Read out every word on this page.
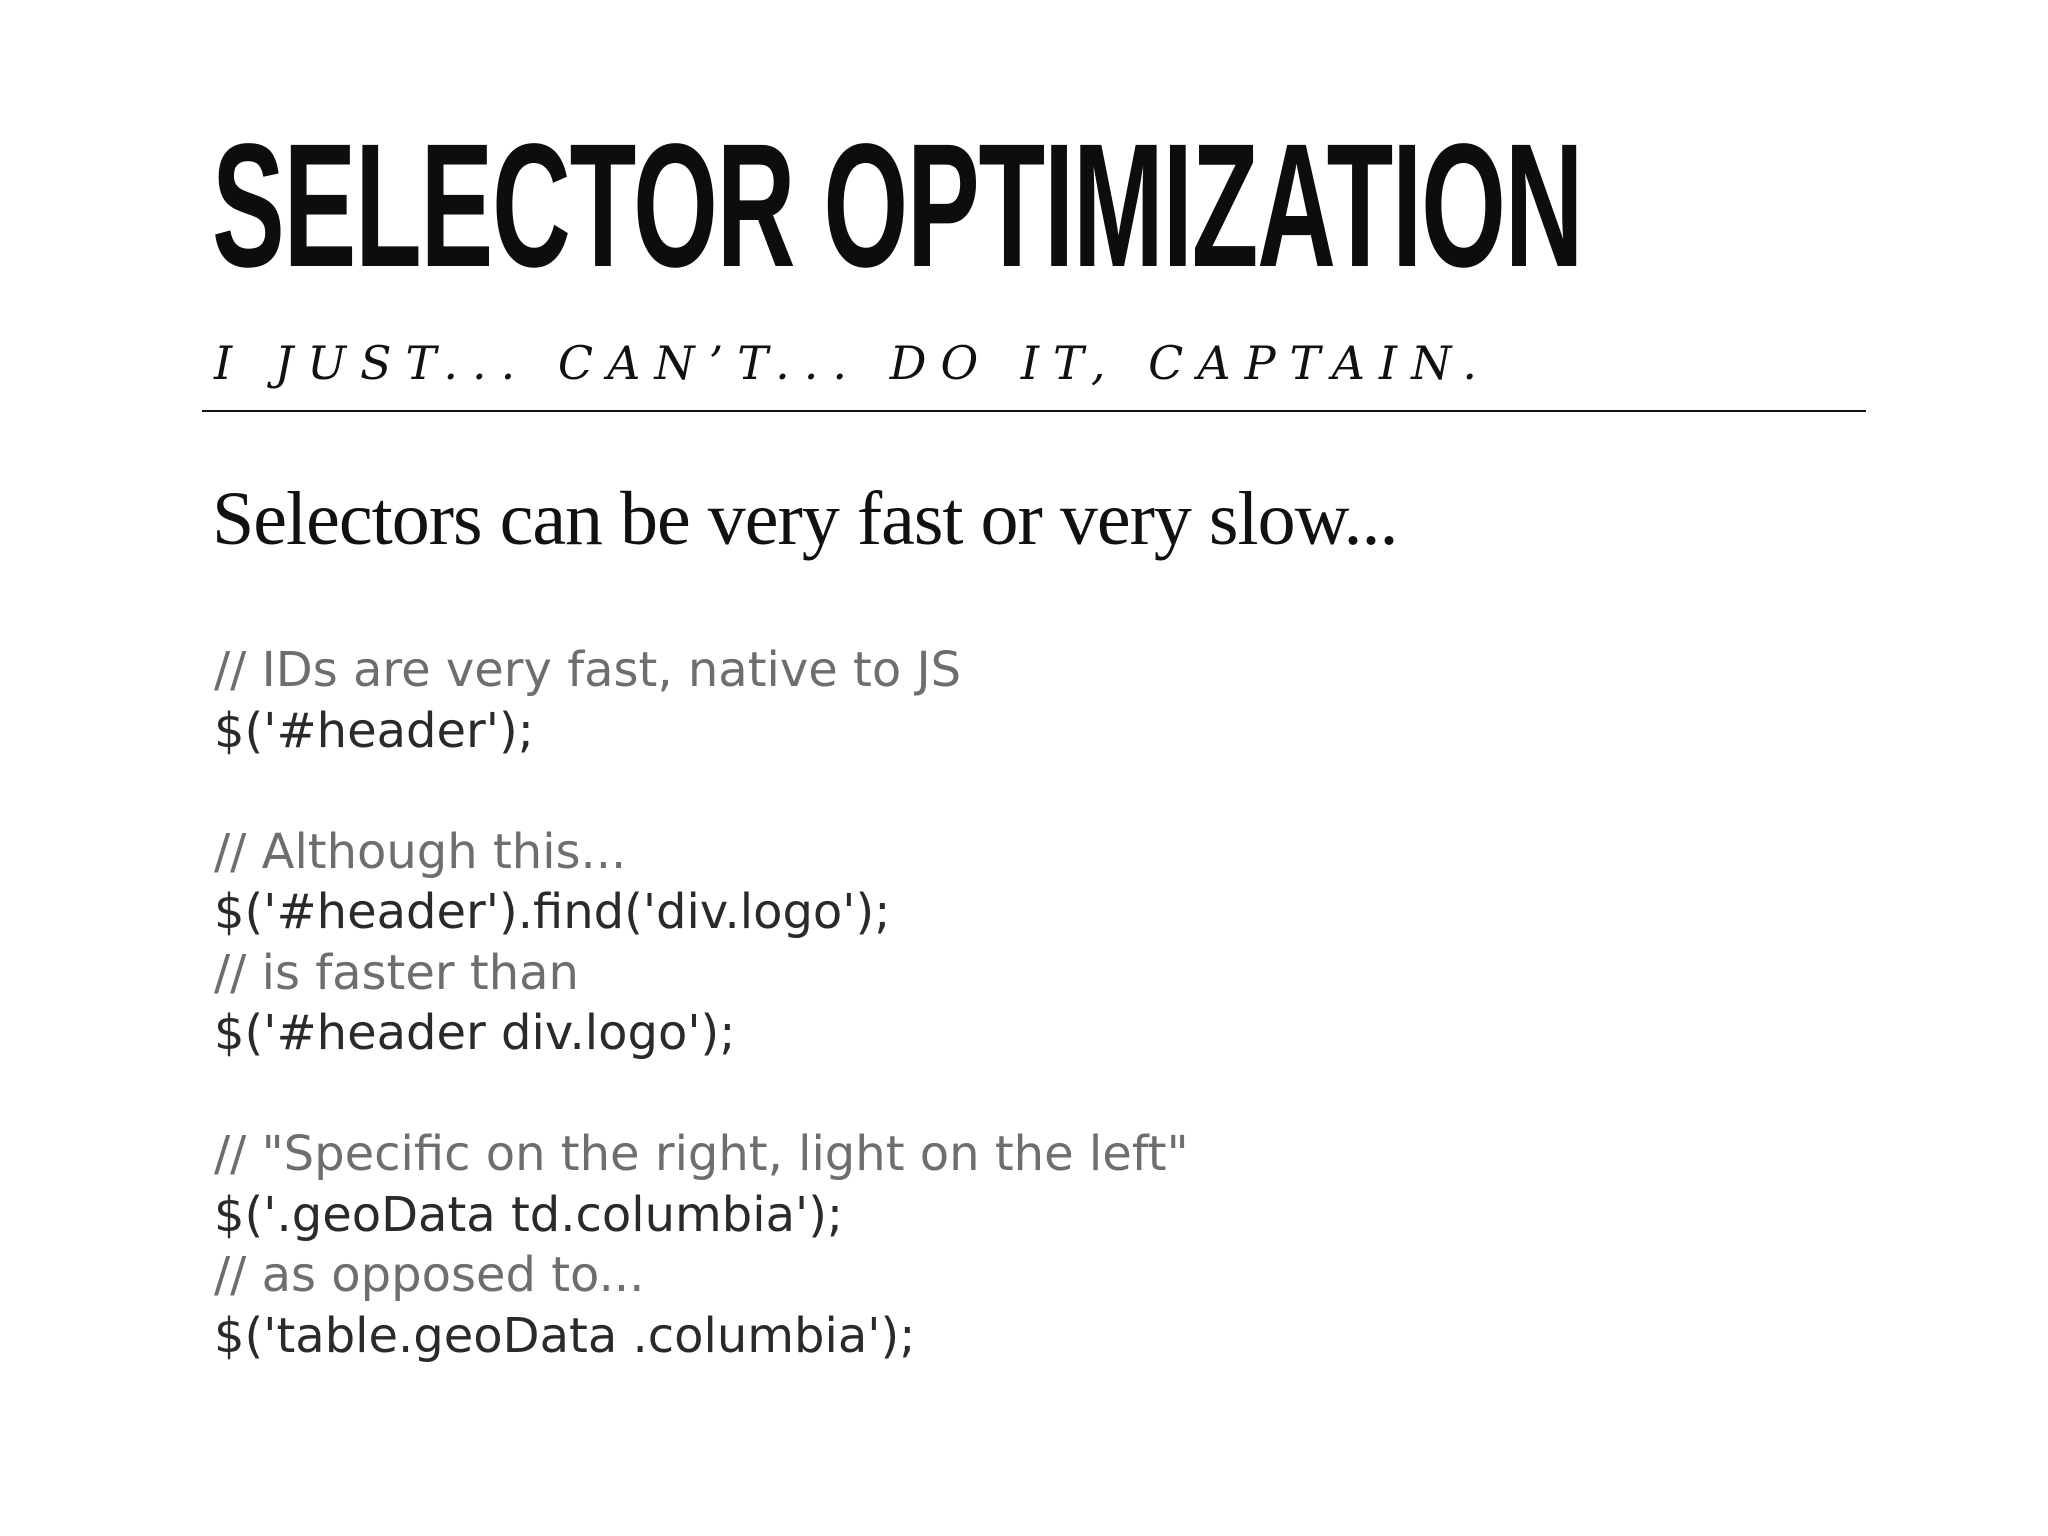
SELECTOR OPTIMIZATION
I JUST... CAN’T... DO IT, CAPTAIN.

Selectors can be very fast or very slow...

// IDs are very fast, native to JS
$('#header');
// Although this...
$('#header').find('div.logo');
// is faster than
$('#header div.logo');
// "Specific on the right, light on the left"
$('.geoData td.columbia');
// as opposed to...
$('table.geoData .columbia');
